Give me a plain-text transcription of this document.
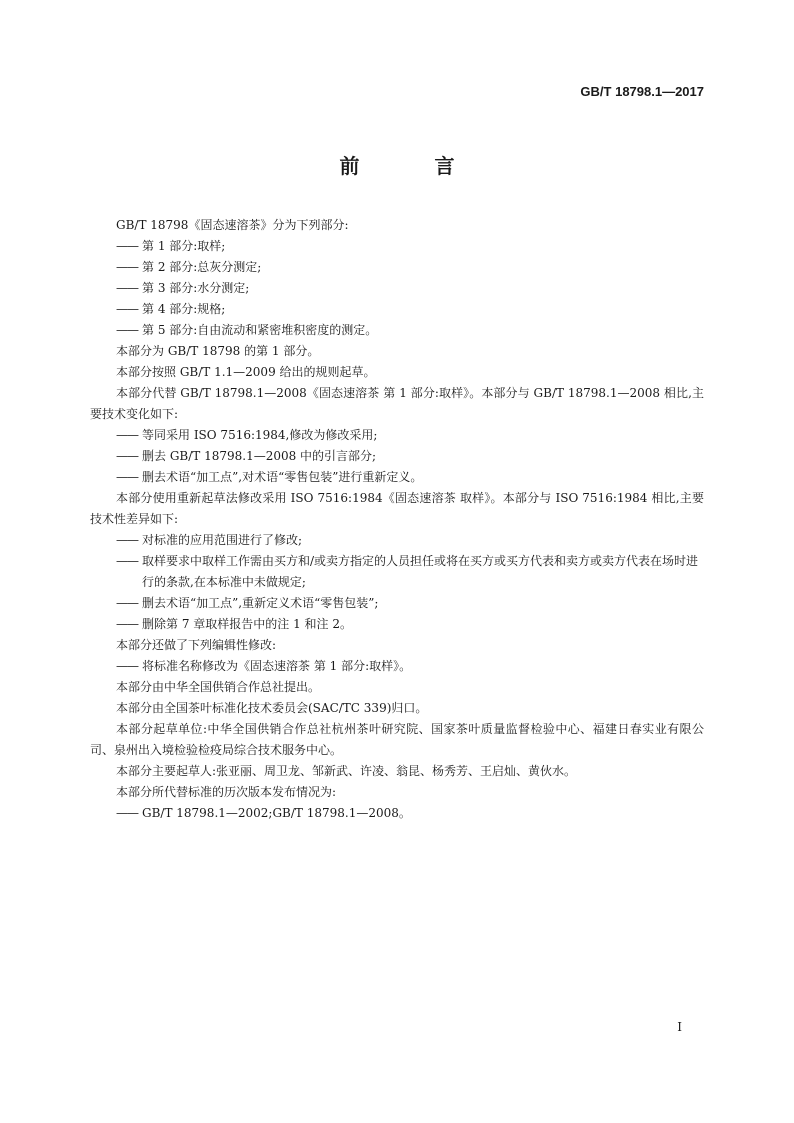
GB/T 18798.1—2017
前 言

GB/T 18798《固态速溶茶》分为下列部分:

—— 第 1 部分:取样;

—— 第 2 部分:总灰分测定;

—— 第 3 部分:水分测定;

—— 第 4 部分:规格;

—— 第 5 部分:自由流动和紧密堆积密度的测定。

本部分为 GB/T 18798 的第 1 部分。

本部分按照 GB/T 1.1—2009 给出的规则起草。

本部分代替 GB/T 18798.1—2008《固态速溶茶 第 1 部分:取样》。本部分与 GB/T 18798.1—2008 相比,主要技术变化如下:

—— 等同采用 ISO 7516:1984,修改为修改采用;

—— 删去 GB/T 18798.1—2008 中的引言部分;

—— 删去术语“加工点”,对术语“零售包装”进行重新定义。

本部分使用重新起草法修改采用 ISO 7516:1984《固态速溶茶 取样》。本部分与 ISO 7516:1984 相比,主要技术性差异如下:

—— 对标准的应用范围进行了修改;

—— 取样要求中取样工作需由买方和/或卖方指定的人员担任或将在买方或买方代表和卖方或卖方代表在场时进行的条款,在本标准中未做规定;

—— 删去术语“加工点”,重新定义术语“零售包装”;

—— 删除第 7 章取样报告中的注 1 和注 2。

本部分还做了下列编辑性修改:

—— 将标准名称修改为《固态速溶茶 第 1 部分:取样》。

本部分由中华全国供销合作总社提出。

本部分由全国茶叶标准化技术委员会(SAC/TC 339)归口。

本部分起草单位:中华全国供销合作总社杭州茶叶研究院、国家茶叶质量监督检验中心、福建日春实业有限公司、泉州出入境检验检疫局综合技术服务中心。

本部分主要起草人:张亚丽、周卫龙、邹新武、许凌、翁昆、杨秀芳、王启灿、黄伙水。

本部分所代替标准的历次版本发布情况为:

—— GB/T 18798.1—2002;GB/T 18798.1—2008。

I
